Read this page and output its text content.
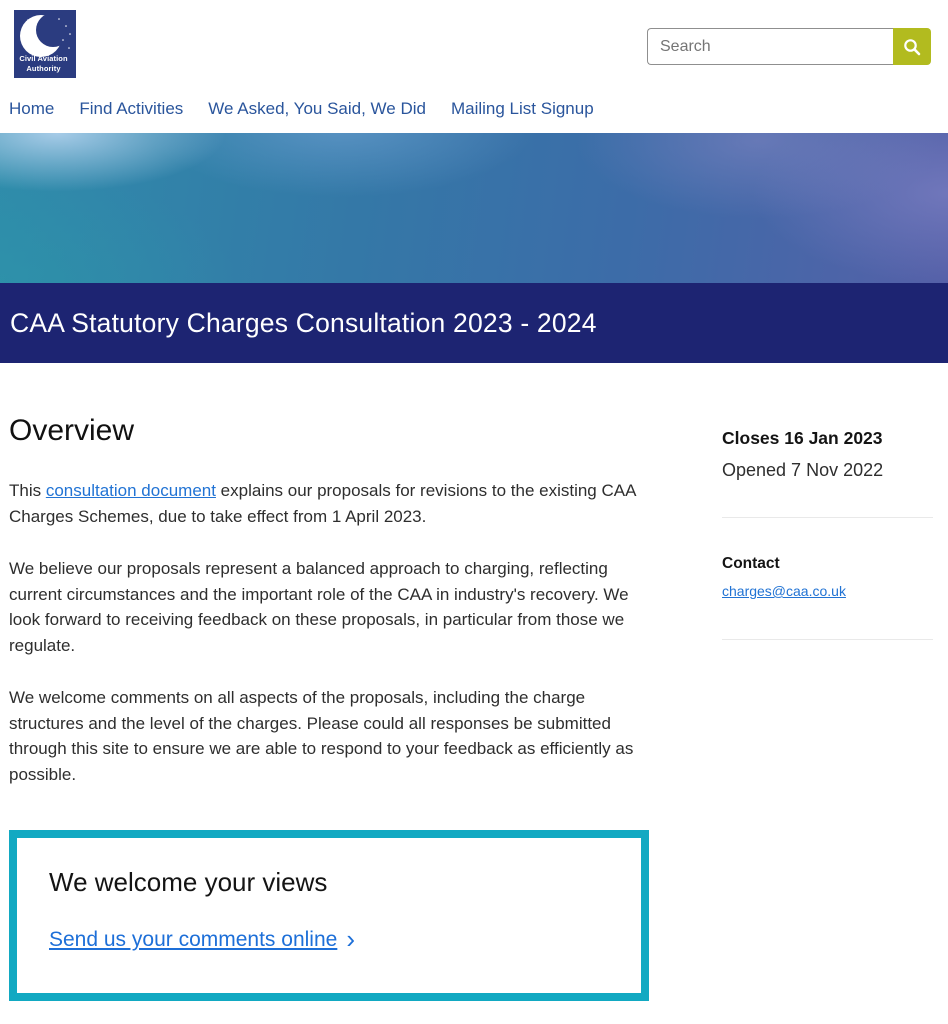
Civil Aviation
Authority
Search
Home Find Activities We Asked, You Said, We Did Mailing List Signup
CAA Statutory Charges Consultation 2023 - 2024
Overview

This consultation document explains our proposals for revisions to the existing CAA Charges Schemes, due to take effect from 1 April 2023.

We believe our proposals represent a balanced approach to charging, reflecting current circumstances and the important role of the CAA in industry's recovery. We look forward to receiving feedback on these proposals, in particular from those we regulate.

We welcome comments on all aspects of the proposals, including the charge structures and the level of the charges. Please could all responses be submitted through this site to ensure we are able to respond to your feedback as efficiently as possible.

We welcome your views
Send us your comments online ›
Closes 16 Jan 2023
Opened 7 Nov 2022
Contact
charges@caa.co.uk
